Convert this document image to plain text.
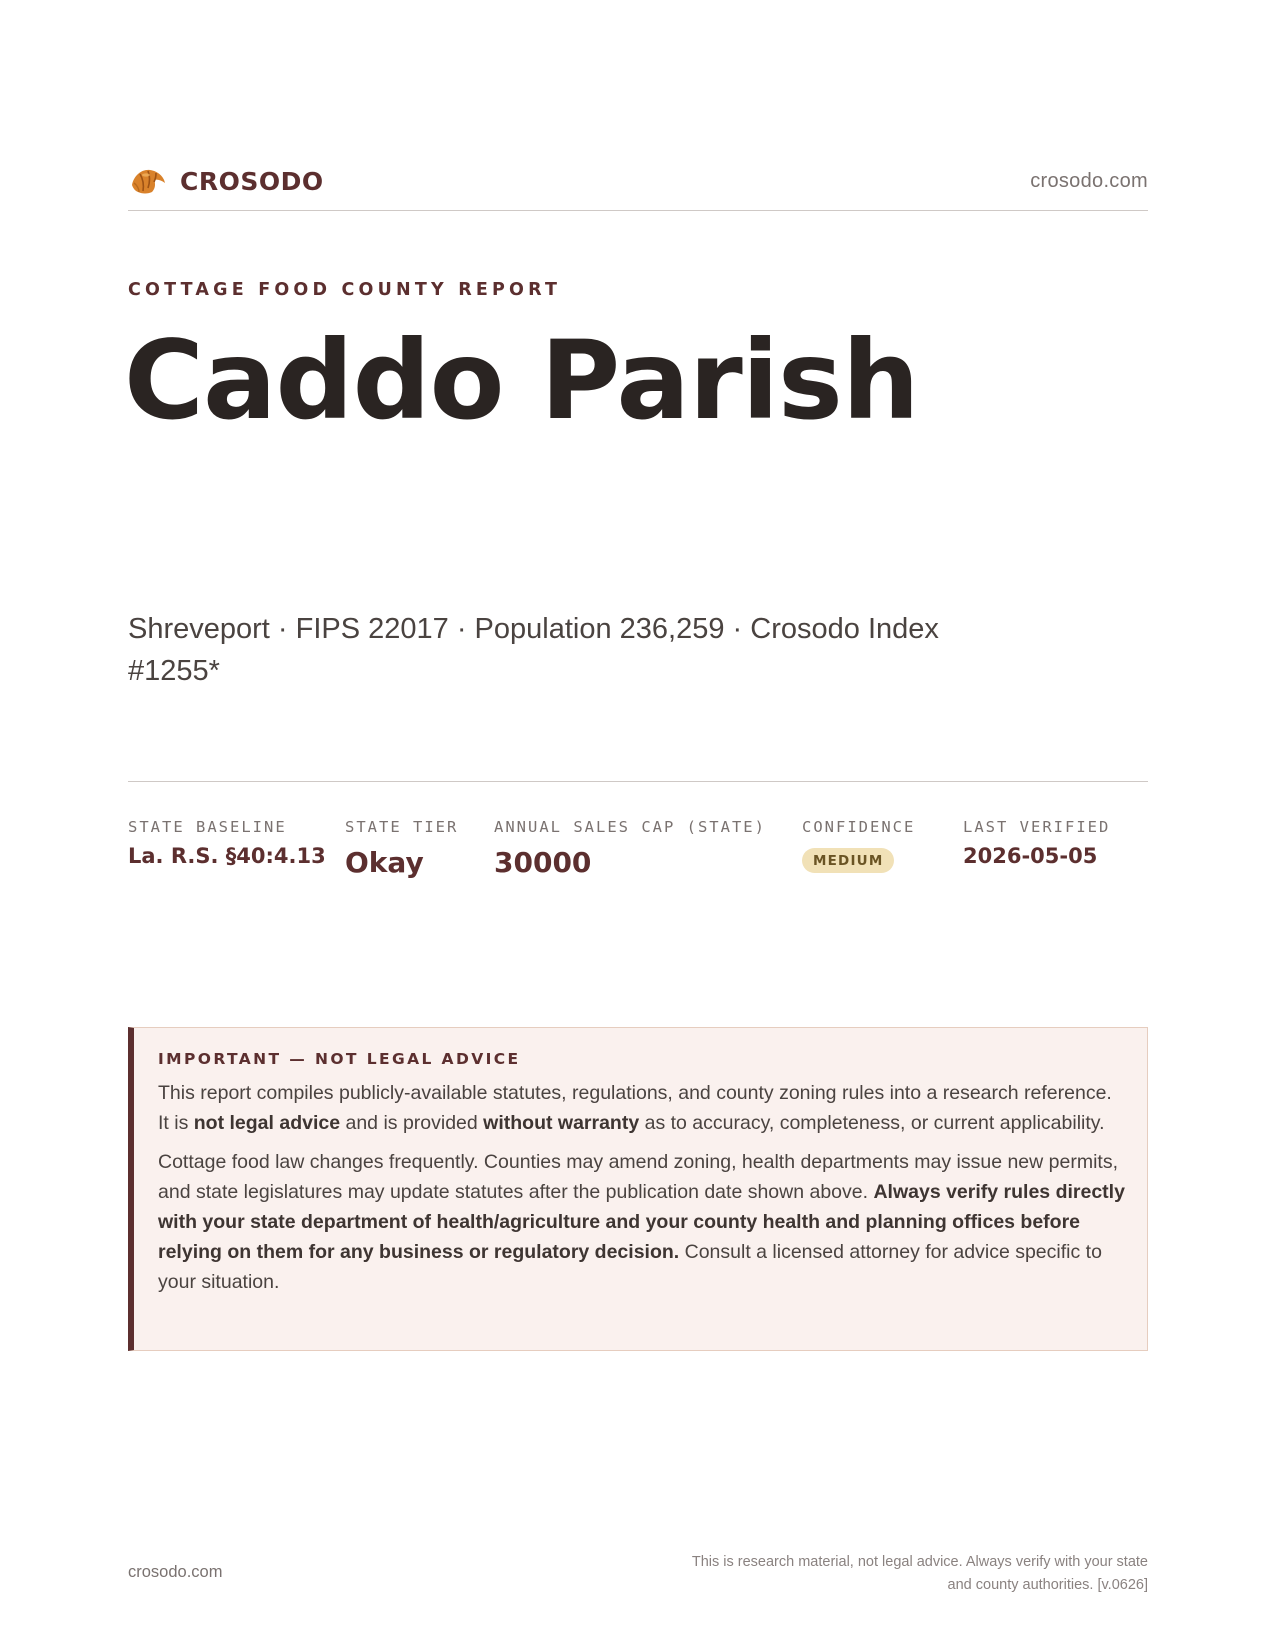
CROSODO	crosodo.com
COTTAGE FOOD COUNTY REPORT
Caddo Parish
Shreveport · FIPS 22017 · Population 236,259 · Crosodo Index #1255*
STATE BASELINE
La. R.S. §40:4.13
STATE TIER
Okay
ANNUAL SALES CAP (STATE)
30000
CONFIDENCE
MEDIUM
LAST VERIFIED
2026-05-05
IMPORTANT — NOT LEGAL ADVICE

This report compiles publicly-available statutes, regulations, and county zoning rules into a research reference. It is not legal advice and is provided without warranty as to accuracy, completeness, or current applicability.

Cottage food law changes frequently. Counties may amend zoning, health departments may issue new permits, and state legislatures may update statutes after the publication date shown above. Always verify rules directly with your state department of health/agriculture and your county health and planning offices before relying on them for any business or regulatory decision. Consult a licensed attorney for advice specific to your situation.

crosodo.com
This is research material, not legal advice. Always verify with your state
and county authorities. [v.0626]
